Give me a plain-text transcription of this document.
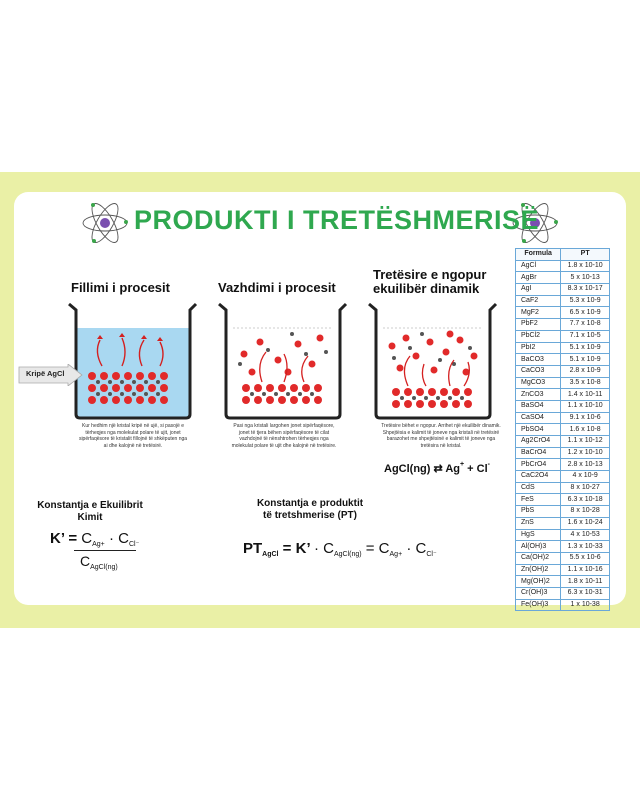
PRODUKTI I TRETËSHMERISË
Fillimi i procesit	Vazhdimi i procesit
Tretësire e ngopur ekuilibër dinamik
Kripë AgCl
Kur hedhim një kristal kripë në ujë, si pasojë e tërheqjes nga molekulat polare të ujit, jonet sipërfaqësore të kristalit fillojnë të shkëputen nga ai dhe kalojnë në tretësirë.
Pasi nga kristali largohen jonet sipërfaqësore, jonet të tjera bëhen sipërfaqësore të cilat vazhdojnë të nënshtrohen tërheqjes nga molekulat polare të ujit dhe kalojnë në tretësire.
Tretësire bëhet e ngopur. Arrihet një ekuilibër dinamik. Shpejtësia e kalimit të joneve nga kristali në tretësirë barazohet me shpejtësinë e kalimit të joneve nga tretësira në kristal.
AgCl(ng) ⇄ Ag+ + Cl-
Konstantja e Ekuilibrit Kimit
Konstantja e produktit të tretshmerise (PT)
K’ = $C_{Ag+} \cdot C_{Cl^-}$
$C_{AgCl(ng)}$
$PT_{AgCl} = K$’ · $C_{AgCl(ng)} = C_{Ag+} \cdot C_{Cl^-}$
Formula	PT
AgCl	1.8 x 10-10
AgBr	5 x 10-13
AgI	8.3 x 10-17
CaF2	5.3 x 10-9
MgF2	6.5 x 10-9
PbF2	7.7 x 10-8
PbCl2	7.1 x 10-5
PbI2	5.1 x 10-9
BaCO3	5.1 x 10-9
CaCO3	2.8 x 10-9
MgCO3	3.5 x 10-8
ZnCO3	1.4 x 10-11
BaSO4	1.1 x 10-10
CaSO4	9.1 x 10-6
PbSO4	1.6 x 10-8
Ag2CrO4	1.1 x 10-12
BaCrO4	1.2 x 10-10
PbCrO4	2.8 x 10-13
CaC2O4	4 x 10-9
CdS	8 x 10-27
FeS	6.3 x 10-18
PbS	8 x 10-28
ZnS	1.6 x 10-24
HgS	4 x 10-53
Al(OH)3	1.3 x 10-33
Ca(OH)2	5.5 x 10-6
Zn(OH)2	1.1 x 10-16
Mg(OH)2	1.8 x 10-11
Cr(OH)3	6.3 x 10-31
Fe(OH)3	1 x 10-38
